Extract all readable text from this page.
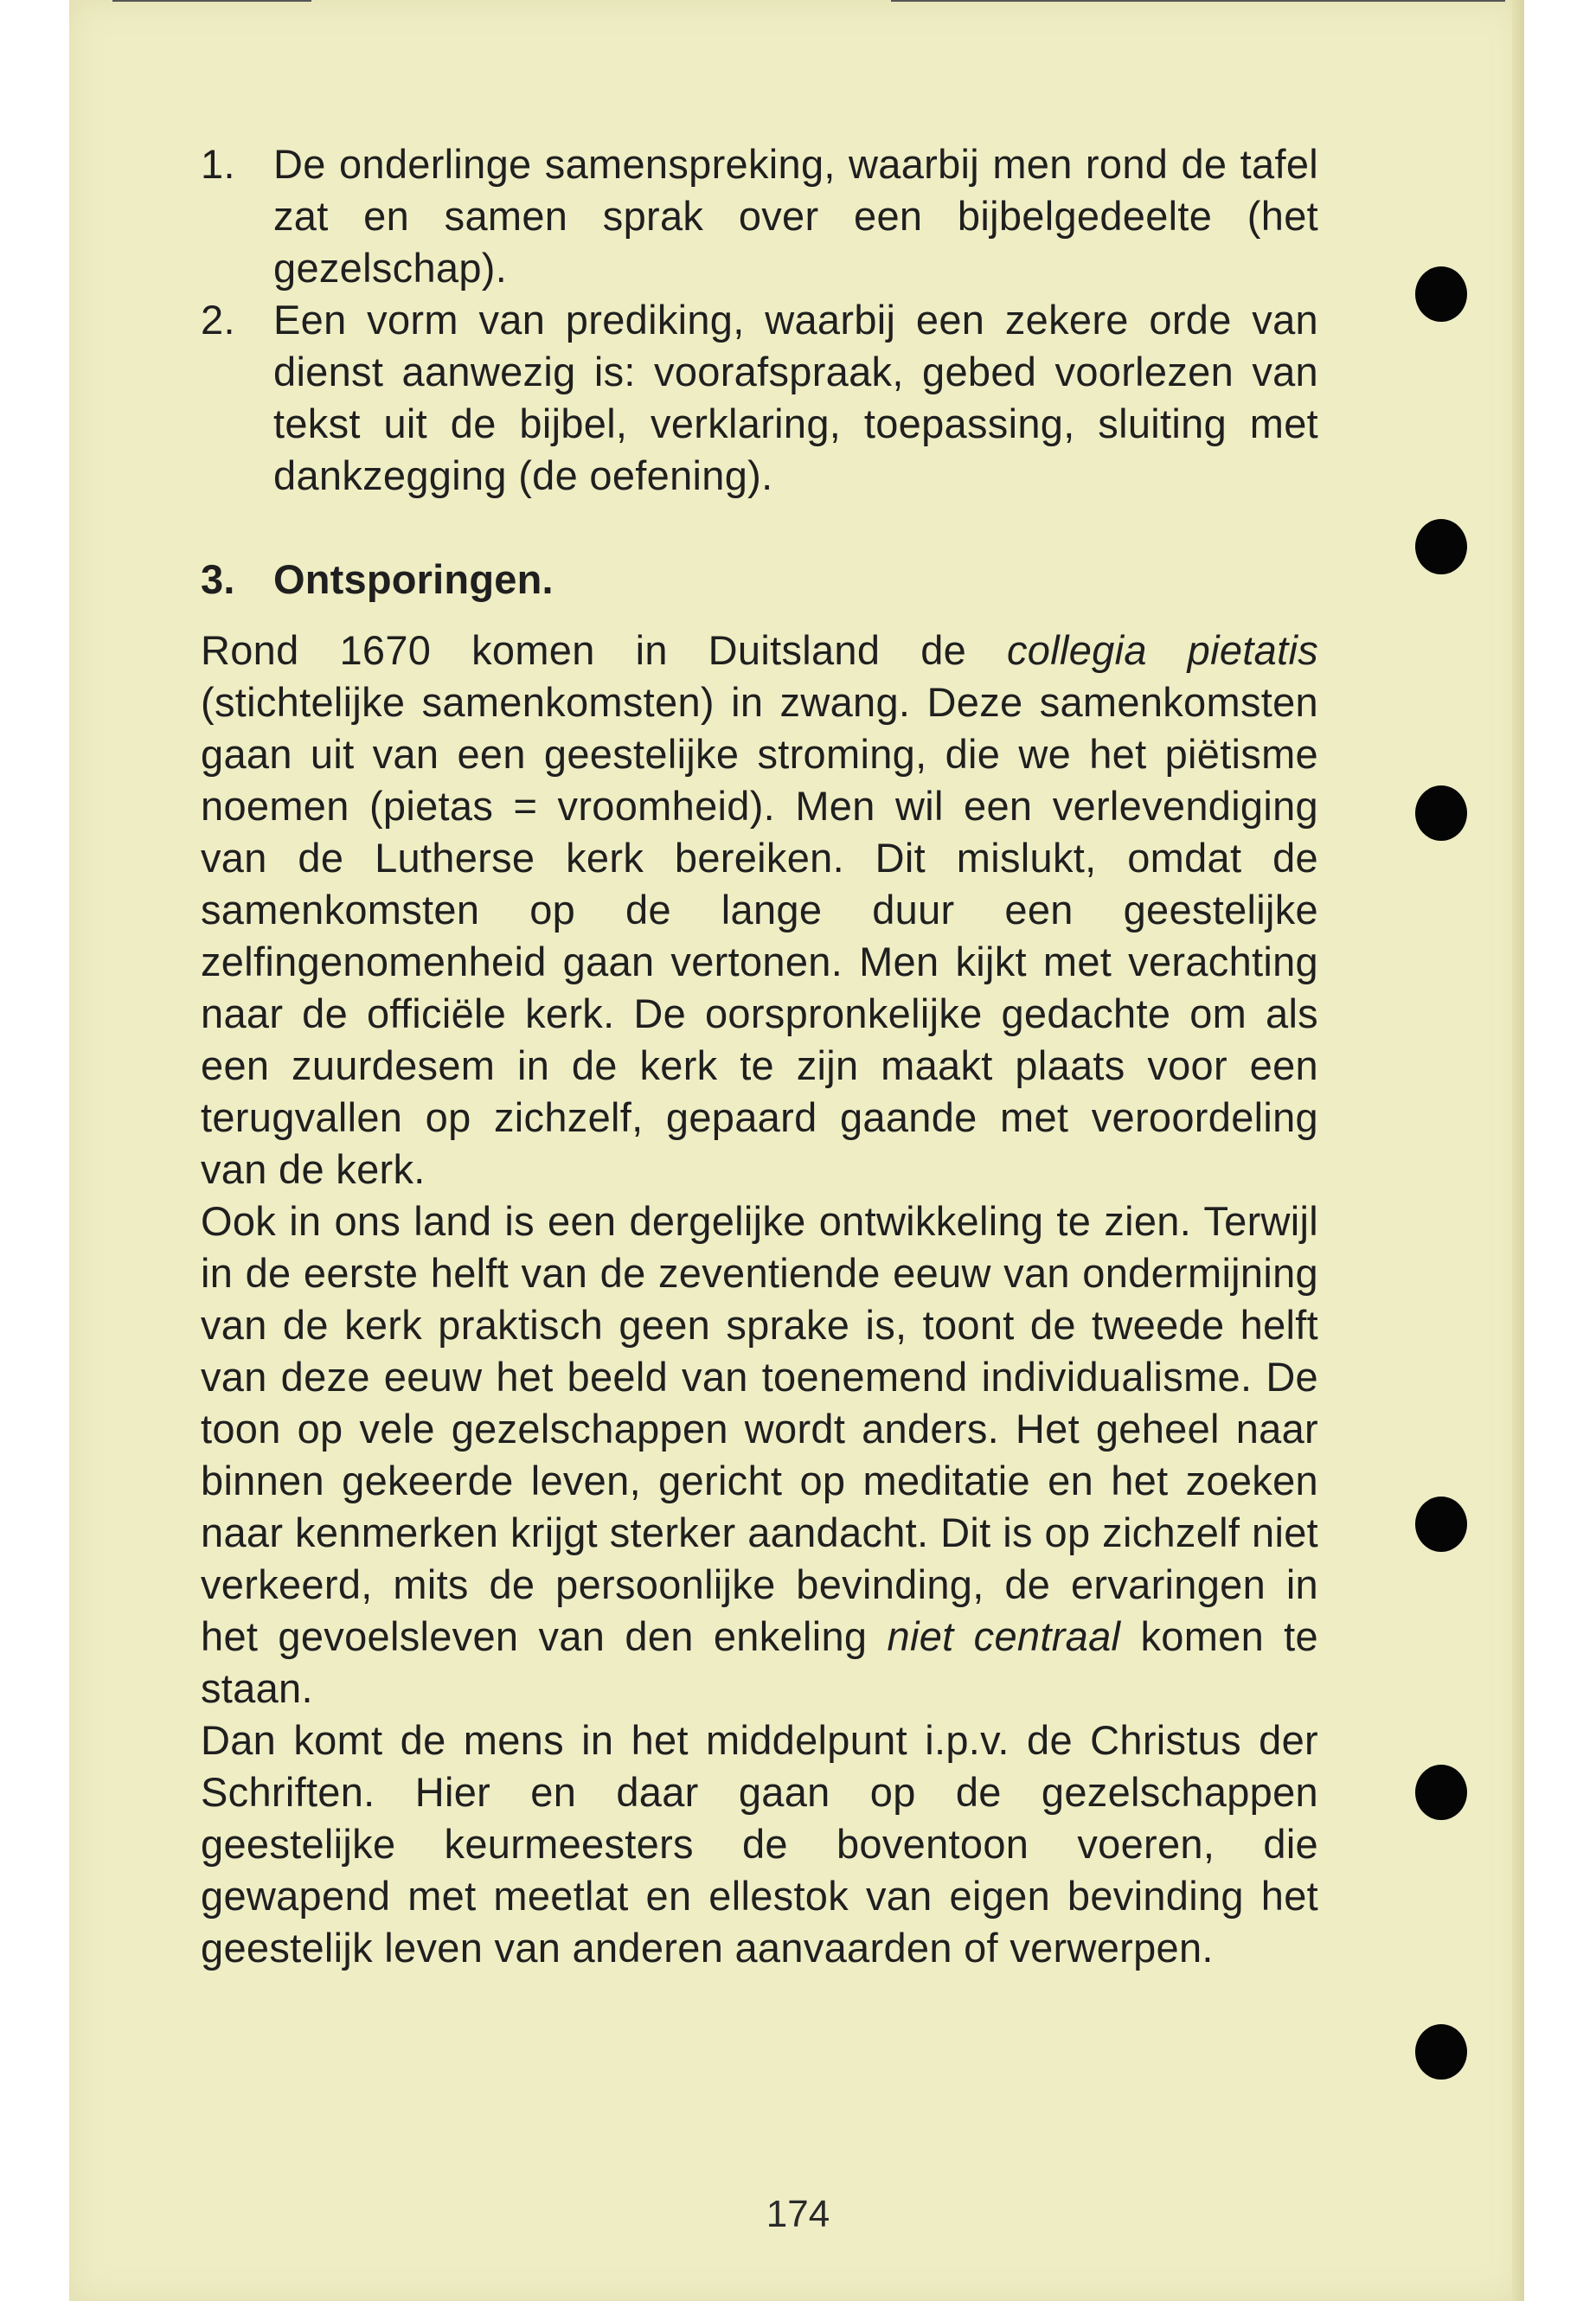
1. De onderlinge samenspreking, waarbij men rond de tafel zat en samen sprak over een bijbelgedeelte (het gezelschap).
2. Een vorm van prediking, waarbij een zekere orde van dienst aanwezig is: voorafspraak, gebed voorlezen van tekst uit de bijbel, verklaring, toepassing, sluiting met dankzegging (de oefening).
3. Ontsporingen.

Rond 1670 komen in Duitsland de collegia pietatis (stichtelijke samenkomsten) in zwang. Deze samenkomsten gaan uit van een geestelijke stroming, die we het piëtisme noemen (pietas = vroomheid). Men wil een verlevendiging van de Lutherse kerk bereiken. Dit mislukt, omdat de samenkomsten op de lange duur een geestelijke zelfingenomenheid gaan vertonen. Men kijkt met verachting naar de officiële kerk. De oorspronkelijke gedachte om als een zuurdesem in de kerk te zijn maakt plaats voor een terugvallen op zichzelf, gepaard gaande met veroordeling van de kerk.

Ook in ons land is een dergelijke ontwikkeling te zien. Terwijl in de eerste helft van de zeventiende eeuw van ondermijning van de kerk praktisch geen sprake is, toont de tweede helft van deze eeuw het beeld van toenemend individualisme. De toon op vele gezelschappen wordt anders. Het geheel naar binnen gekeerde leven, gericht op meditatie en het zoeken naar kenmerken krijgt sterker aandacht. Dit is op zichzelf niet verkeerd, mits de persoonlijke bevinding, de ervaringen in het gevoelsleven van den enkeling niet centraal komen te staan.

Dan komt de mens in het middelpunt i.p.v. de Christus der Schriften. Hier en daar gaan op de gezelschappen geestelijke keurmeesters de boventoon voeren, die gewapend met meetlat en ellestok van eigen bevinding het geestelijk leven van anderen aanvaarden of verwerpen.

174
